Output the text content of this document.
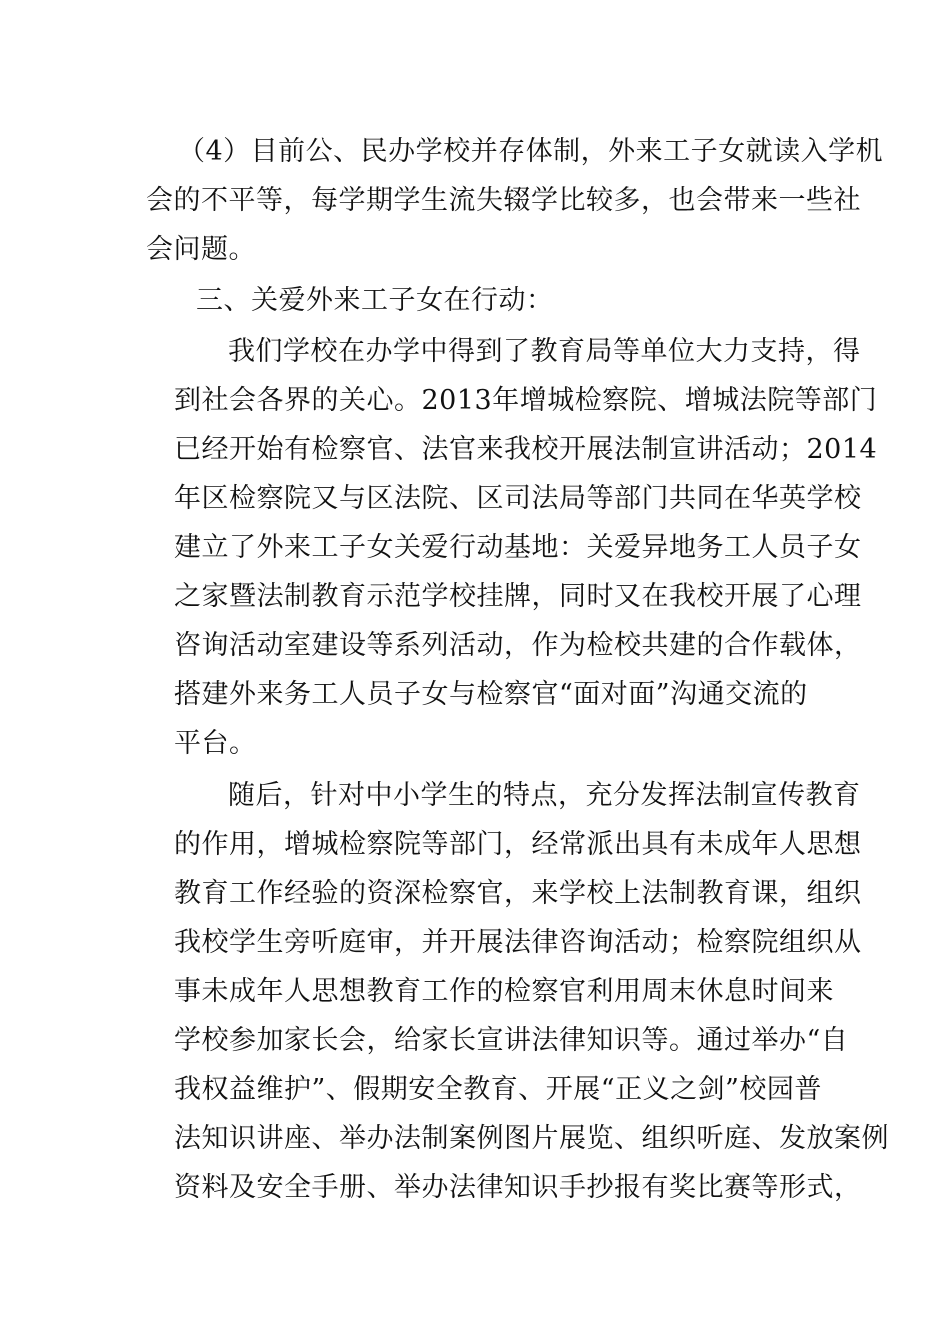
（4）目前公、民办学校并存体制，外来工子女就读入学机
会的不平等，每学期学生流失辍学比较多，也会带来一些社
会问题。
三、关爱外来工子女在行动：
我们学校在办学中得到了教育局等单位大力支持，得
到社会各界的关心。2013年增城检察院、增城法院等部门
已经开始有检察官、法官来我校开展法制宣讲活动；2014
年区检察院又与区法院、区司法局等部门共同在华英学校
建立了外来工子女关爱行动基地：关爱异地务工人员子女
之家暨法制教育示范学校挂牌，同时又在我校开展了心理
咨询活动室建设等系列活动，作为检校共建的合作载体，
搭建外来务工人员子女与检察官“面对面”沟通交流的
平台。
随后，针对中小学生的特点，充分发挥法制宣传教育
的作用，增城检察院等部门，经常派出具有未成年人思想
教育工作经验的资深检察官，来学校上法制教育课，组织
我校学生旁听庭审，并开展法律咨询活动；检察院组织从
事未成年人思想教育工作的检察官利用周末休息时间来
学校参加家长会，给家长宣讲法律知识等。通过举办“自
我权益维护”、假期安全教育、开展“正义之剑”校园普
法知识讲座、举办法制案例图片展览、组织听庭、发放案例
资料及安全手册、举办法律知识手抄报有奖比赛等形式，
